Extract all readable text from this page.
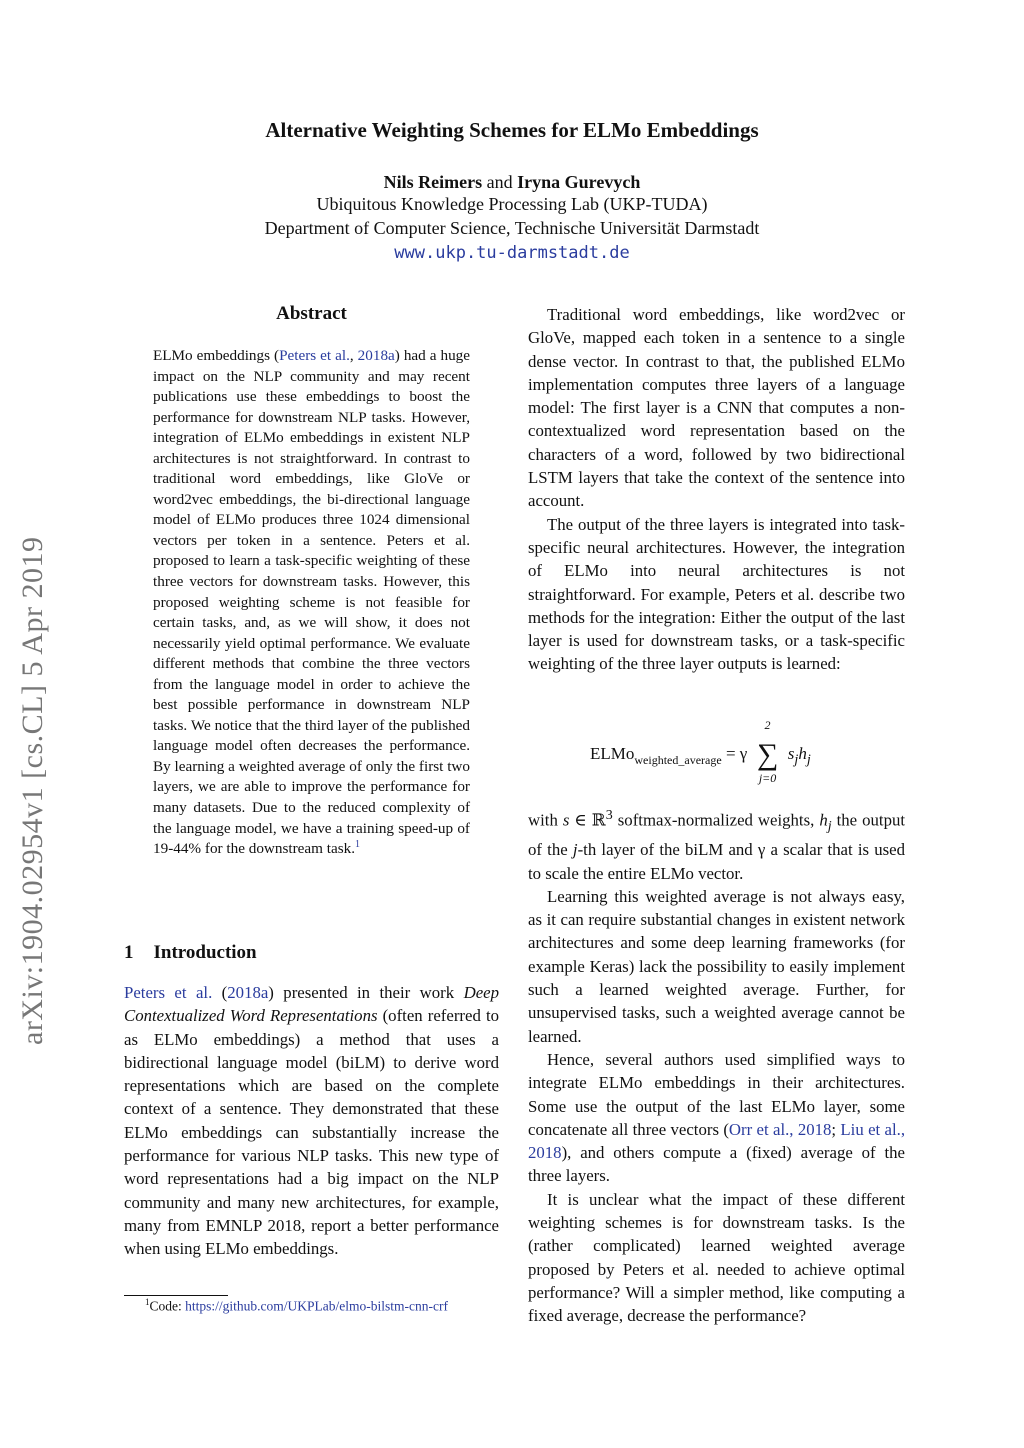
Alternative Weighting Schemes for ELMo Embeddings
Nils Reimers and Iryna Gurevych
Ubiquitous Knowledge Processing Lab (UKP-TUDA)
Department of Computer Science, Technische Universität Darmstadt
www.ukp.tu-darmstadt.de
arXiv:1904.02954v1 [cs.CL] 5 Apr 2019
Abstract
ELMo embeddings (Peters et al., 2018a) had a huge impact on the NLP community and may recent publications use these embeddings to boost the performance for downstream NLP tasks. However, integration of ELMo embeddings in existent NLP architectures is not straightforward. In contrast to traditional word embeddings, like GloVe or word2vec embeddings, the bi-directional language model of ELMo produces three 1024 dimensional vectors per token in a sentence. Peters et al. proposed to learn a task-specific weighting of these three vectors for downstream tasks. However, this proposed weighting scheme is not feasible for certain tasks, and, as we will show, it does not necessarily yield optimal performance. We evaluate different methods that combine the three vectors from the language model in order to achieve the best possible performance in downstream NLP tasks. We notice that the third layer of the published language model often decreases the performance. By learning a weighted average of only the first two layers, we are able to improve the performance for many datasets. Due to the reduced complexity of the language model, we have a training speed-up of 19-44% for the downstream task.$^1$
1 Introduction
Peters et al. (2018a) presented in their work Deep Contextualized Word Representations (often referred to as ELMo embeddings) a method that uses a bidirectional language model (biLM) to derive word representations which are based on the complete context of a sentence. They demonstrated that these ELMo embeddings can substantially increase the performance for various NLP tasks. This new type of word representations had a big impact on the NLP community and many new architectures, for example, many from EMNLP 2018, report a better performance when using ELMo embeddings.
$^1$Code: https://github.com/UKPLab/elmo-bilstm-cnn-crf

Traditional word embeddings, like word2vec or GloVe, mapped each token in a sentence to a single dense vector. In contrast to that, the published ELMo implementation computes three layers of a language model: The first layer is a CNN that computes a non-contextualized word representation based on the characters of a word, followed by two bidirectional LSTM layers that take the context of the sentence into account.

The output of the three layers is integrated into task-specific neural architectures. However, the integration of ELMo into neural architectures is not straightforward. For example, Peters et al. describe two methods for the integration: Either the output of the last layer is used for downstream tasks, or a task-specific weighting of the three layer outputs is learned:

ELMo$_{weighted\_average}$ = γ
2
∑
j=0
$s_jh_j$

with s ∈ ℝ$^3$ softmax-normalized weights, $h_j$ the output of the j-th layer of the biLM and γ a scalar that is used to scale the entire ELMo vector.

Learning this weighted average is not always easy, as it can require substantial changes in existent network architectures and some deep learning frameworks (for example Keras) lack the possibility to easily implement such a learned weighted average. Further, for unsupervised tasks, such a weighted average cannot be learned.

Hence, several authors used simplified ways to integrate ELMo embeddings in their architectures. Some use the output of the last ELMo layer, some concatenate all three vectors (Orr et al., 2018; Liu et al., 2018), and others compute a (fixed) average of the three layers.

It is unclear what the impact of these different weighting schemes is for downstream tasks. Is the (rather complicated) learned weighted average proposed by Peters et al. needed to achieve optimal performance? Will a simpler method, like computing a fixed average, decrease the performance?
